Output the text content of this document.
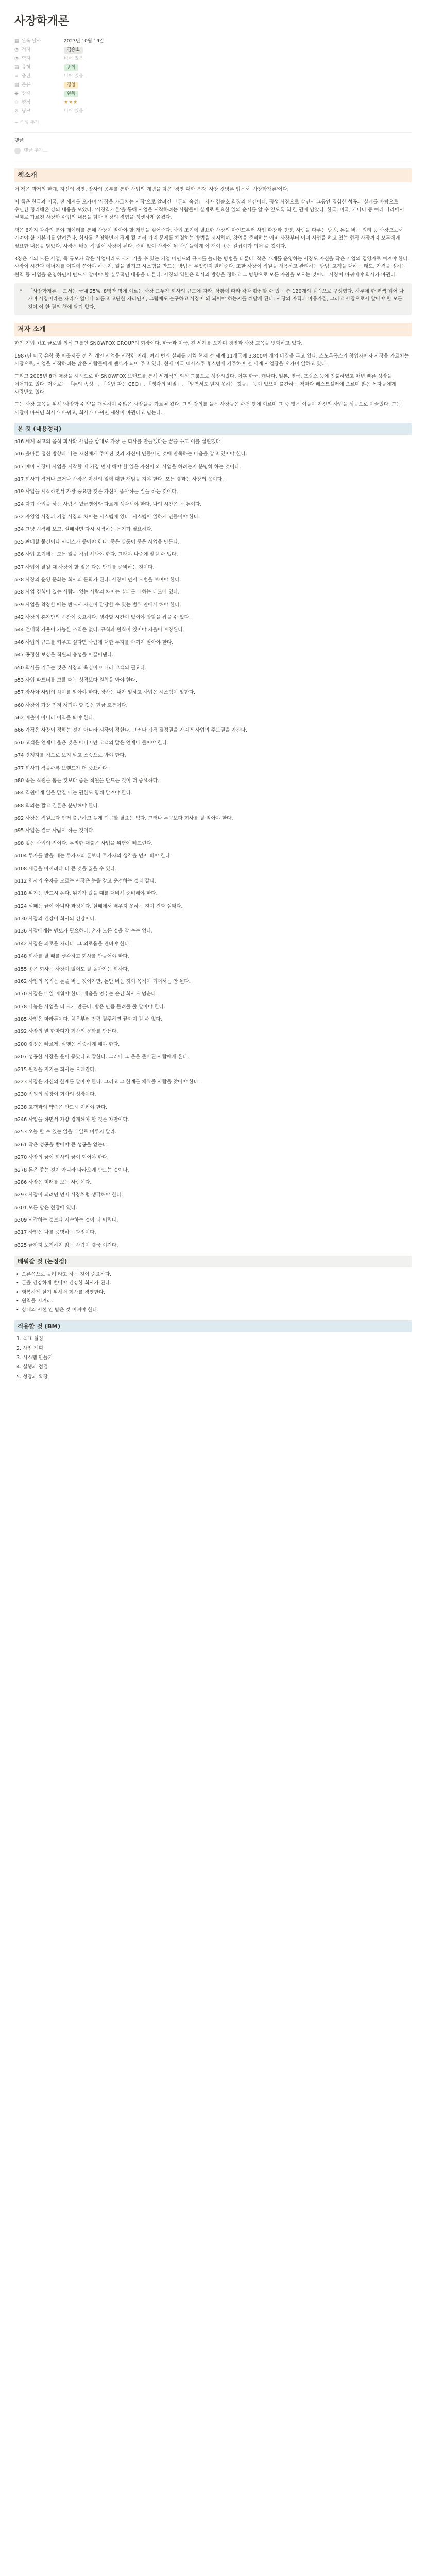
사장학개론
▦ 완독 날짜	2023년 10월 19일
◔ 저자	김승호
◔ 역자	비어 있음
▤ 유형	종이
≡ 출판	비어 있음
▤ 분류	경영
◉ 상태	완독
☆ 평점	★★★
⊘ 링크	비어 있음
+ 속성 추가
댓글
댓글 추가...
책소개

이 책은 과거의 한계, 자신의 경영, 장사의 공부를 통한 사업의 개념을 담은 '경영 대학 특강' 사장 경영론 입문서 '사장학개론'이다.

이 책은 한국과 미국, 전 세계를 오가며 '사장을 가르치는 사장'으로 알려진 「돈의 속성」 저자 김승호 회장의 신간이다. 평생 사장으로 살면서 그동안 경험한 성공과 실패를 바탕으로 수년간 정리해온 강의 내용을 모았다. '사장학개론'을 통해 사업을 시작하려는 사람들이 실제로 필요한 일의 순서를 알 수 있도록 책 한 권에 담았다. 한국, 미국, 캐나다 등 여러 나라에서 실제로 가르친 사장학 수업의 내용을 담아 현장의 경험을 생생하게 옮겼다.

책은 6가지 각각의 분야 데이터를 통해 사장이 알아야 할 개념을 짚어준다. 사업 초기에 필요한 사장의 마인드부터 사업 확장과 경영, 사람을 다루는 방법, 돈을 버는 원리 등 사장으로서 가져야 할 기본기를 알려준다. 회사를 운영하면서 겪게 될 여러 가지 문제를 해결하는 방법을 제시하며, 창업을 준비하는 예비 사장부터 이미 사업을 하고 있는 현직 사장까지 모두에게 필요한 내용을 담았다. 사장은 배운 적 없이 사장이 된다. 준비 없이 사장이 된 사람들에게 이 책이 좋은 길잡이가 되어 줄 것이다.

3장은 거의 모든 사업, 즉 규모가 작은 사업이라도 크게 키울 수 있는 기업 마인드와 규모를 늘리는 방법을 다룬다. 작은 가게를 운영하는 사장도 자신을 작은 기업의 경영자로 여겨야 한다. 사장이 시간과 에너지를 어디에 쏟아야 하는지, 일을 맡기고 시스템을 만드는 방법은 무엇인지 알려준다. 또한 사장이 직원을 채용하고 관리하는 방법, 고객을 대하는 태도, 가격을 정하는 원칙 등 사업을 운영하면서 반드시 알아야 할 실무적인 내용을 다룬다. 사장의 역할은 회사의 방향을 정하고 그 방향으로 모든 자원을 모으는 것이다. 사장이 바뀌어야 회사가 바뀐다.

❝	「사장학개론」 도서는 국내 25%, 8백만 명에 이르는 사장 모두가 회사의 규모에 따라, 상황에 따라 각각 활용할 수 있는 총 120개의 칼럼으로 구성했다. 하루에 한 편씩 읽어 나가며 사장이라는 자리가 얼마나 외롭고 고단한 자리인지, 그럼에도 불구하고 사장이 왜 되어야 하는지를 깨닫게 된다. 사장의 자격과 마음가짐, 그리고 사장으로서 알아야 할 모든 것이 이 한 권의 책에 담겨 있다.
저자 소개

한인 기업 최초 글로벌 외식 그룹인 SNOWFOX GROUP의 회장이다. 한국과 미국, 전 세계를 오가며 경영과 사장 교육을 병행하고 있다.

1987년 미국 유학 중 이곳저곳 전 직 개인 사업을 시작한 이래, 여러 번의 실패를 거쳐 현재 전 세계 11개국에 3,800여 개의 매장을 두고 있다. 스노우폭스의 창업자이자 사장을 가르치는 사장으로, 사업을 시작하려는 많은 사람들에게 멘토가 되어 주고 있다. 현재 미국 텍사스주 휴스턴에 거주하며 전 세계 사업장을 오가며 일하고 있다.

그리고 2005년 8개 매장을 시작으로 한 SNOWFOX 브랜드를 통해 세계적인 외식 그룹으로 성장시켰다. 이후 한국, 캐나다, 일본, 영국, 프랑스 등에 진출하였고 매년 빠른 성장을 이어가고 있다. 저서로는 「돈의 속성」, 「김밥 파는 CEO」, 「생각의 비밀」, 「알면서도 알지 못하는 것들」 등이 있으며 출간하는 책마다 베스트셀러에 오르며 많은 독자들에게 사랑받고 있다.

그는 사장 교육을 위해 '사장학 수업'을 개설하여 수많은 사장들을 가르쳐 왔다. 그의 강의를 들은 사장들은 수천 명에 이르며 그 중 많은 이들이 자신의 사업을 성공으로 이끌었다. 그는 사장이 바뀌면 회사가 바뀌고, 회사가 바뀌면 세상이 바뀐다고 믿는다.

본 것 (내용정리)

p16 세계 최고의 음식 회사와 사업을 상대로 가장 큰 회사를 만들겠다는 꿈을 꾸고 이를 실현했다.

p16 올바른 정신 방향과 나는 자신에게 주어진 것과 자신이 만들어낸 것에 만족하는 마음을 알고 있어야 한다.

p17 예비 사장이 사업을 시작할 때 가장 먼저 해야 할 일은 자신이 왜 사업을 하려는지 분명히 하는 것이다.

p17 회사가 작거나 크거나 사장은 자신의 일에 대한 책임을 져야 한다. 모든 결과는 사장의 몫이다.

p19 사업을 시작하면서 가장 중요한 것은 자신이 좋아하는 일을 하는 것이다.

p24 자기 사업을 하는 사람은 월급쟁이와 다르게 생각해야 한다. 나의 시간은 곧 돈이다.

p32 자영업 사장과 기업 사장의 차이는 시스템에 있다. 시스템이 일하게 만들어야 한다.

p34 그냥 시작해 보고, 실패하면 다시 시작하는 용기가 필요하다.

p35 판매할 물건이나 서비스가 좋아야 한다. 좋은 상품이 좋은 사업을 만든다.

p36 사업 초기에는 모든 일을 직접 해봐야 한다. 그래야 나중에 맡길 수 있다.

p37 사업이 잘될 때 사장이 할 일은 다음 단계를 준비하는 것이다.

p38 사장의 운영 문화는 회사의 문화가 된다. 사장이 먼저 모범을 보여야 한다.

p38 사업 경험이 있는 사람과 없는 사람의 차이는 실패를 대하는 태도에 있다.

p39 사업을 확장할 때는 반드시 자신이 감당할 수 있는 범위 안에서 해야 한다.

p42 사장의 혼자만의 시간이 중요하다. 생각할 시간이 있어야 방향을 잡을 수 있다.

p44 절대적 자율이 가능한 조직은 없다. 규칙과 원칙이 있어야 자율이 보장된다.

p46 사업의 규모를 키우고 싶다면 사람에 대한 투자를 아끼지 말아야 한다.

p47 공정한 보상은 직원의 충성을 이끌어낸다.

p50 회사를 키우는 것은 사장의 욕심이 아니라 고객의 필요다.

p53 사업 파트너를 고를 때는 성격보다 원칙을 봐야 한다.

p57 장사와 사업의 차이를 알아야 한다. 장사는 내가 일하고 사업은 시스템이 일한다.

p60 사장이 가장 먼저 챙겨야 할 것은 현금 흐름이다.

p62 매출이 아니라 이익을 봐야 한다.

p66 가격은 사장이 정하는 것이 아니라 시장이 정한다. 그러나 가격 결정권을 가지면 사업의 주도권을 가진다.

p70 고객은 언제나 옳은 것은 아니지만 고객의 말은 언제나 들어야 한다.

p74 경쟁자를 적으로 보지 말고 스승으로 봐야 한다.

p77 회사가 작을수록 브랜드가 더 중요하다.

p80 좋은 직원을 뽑는 것보다 좋은 직원을 만드는 것이 더 중요하다.

p84 직원에게 일을 맡길 때는 권한도 함께 맡겨야 한다.

p88 회의는 짧고 결론은 분명해야 한다.

p92 사장은 직원보다 먼저 출근하고 늦게 퇴근할 필요는 없다. 그러나 누구보다 회사를 잘 알아야 한다.

p95 사업은 결국 사람이 하는 것이다.

p98 빚은 사업의 적이다. 무리한 대출은 사업을 위험에 빠뜨린다.

p104 투자를 받을 때는 투자자의 돈보다 투자자의 생각을 먼저 봐야 한다.

p108 세금을 아끼려다 더 큰 것을 잃을 수 있다.

p112 회사의 숫자를 모르는 사장은 눈을 감고 운전하는 것과 같다.

p118 위기는 반드시 온다. 위기가 왔을 때를 대비해 준비해야 한다.

p124 실패는 끝이 아니라 과정이다. 실패에서 배우지 못하는 것이 진짜 실패다.

p130 사장의 건강이 회사의 건강이다.

p136 사장에게는 멘토가 필요하다. 혼자 모든 것을 알 수는 없다.

p142 사장은 외로운 자리다. 그 외로움을 견뎌야 한다.

p148 회사를 팔 때를 생각하고 회사를 만들어야 한다.

p155 좋은 회사는 사장이 없어도 잘 돌아가는 회사다.

p162 사업의 목적은 돈을 버는 것이지만, 돈만 버는 것이 목적이 되어서는 안 된다.

p170 사장은 매일 배워야 한다. 배움을 멈추는 순간 회사도 멈춘다.

p178 나눔은 사업을 더 크게 만든다. 받은 만큼 돌려줄 줄 알아야 한다.

p185 사업은 마라톤이다. 처음부터 전력 질주하면 끝까지 갈 수 없다.

p192 사장의 말 한마디가 회사의 문화를 만든다.

p200 결정은 빠르게, 실행은 신중하게 해야 한다.

p207 성공한 사장은 운이 좋았다고 말한다. 그러나 그 운은 준비된 사람에게 온다.

p215 원칙을 지키는 회사는 오래간다.

p223 사장은 자신의 한계를 알아야 한다. 그리고 그 한계를 채워줄 사람을 찾아야 한다.

p230 직원의 성장이 회사의 성장이다.

p238 고객과의 약속은 반드시 지켜야 한다.

p246 사업을 하면서 가장 경계해야 할 것은 자만이다.

p253 오늘 할 수 있는 일을 내일로 미루지 말라.

p261 작은 성공을 쌓아야 큰 성공을 얻는다.

p270 사장의 꿈이 회사의 꿈이 되어야 한다.

p278 돈은 좇는 것이 아니라 따라오게 만드는 것이다.

p286 사장은 미래를 보는 사람이다.

p293 사장이 되려면 먼저 사장처럼 생각해야 한다.

p301 모든 답은 현장에 있다.

p309 시작하는 것보다 지속하는 것이 더 어렵다.

p317 사업은 나를 증명하는 과정이다.

p325 끝까지 포기하지 않는 사람이 결국 이긴다.

배워갈 것 (논점정)
• 오른쪽으로 돌려 라고 하는 것이 중요하다.
• 돈을 건강하게 벌어야 건강한 회사가 된다.
• 행복하게 살기 위해서 회사를 경영한다.
• 원칙을 지켜라.
• 상대의 시선 안 받은 것 이겨야 한다.
적용할 것 (BM)
1. 목표 설정
2. 사업 계획
3. 시스템 만들기
4. 실행과 점검
5. 성장과 확장
